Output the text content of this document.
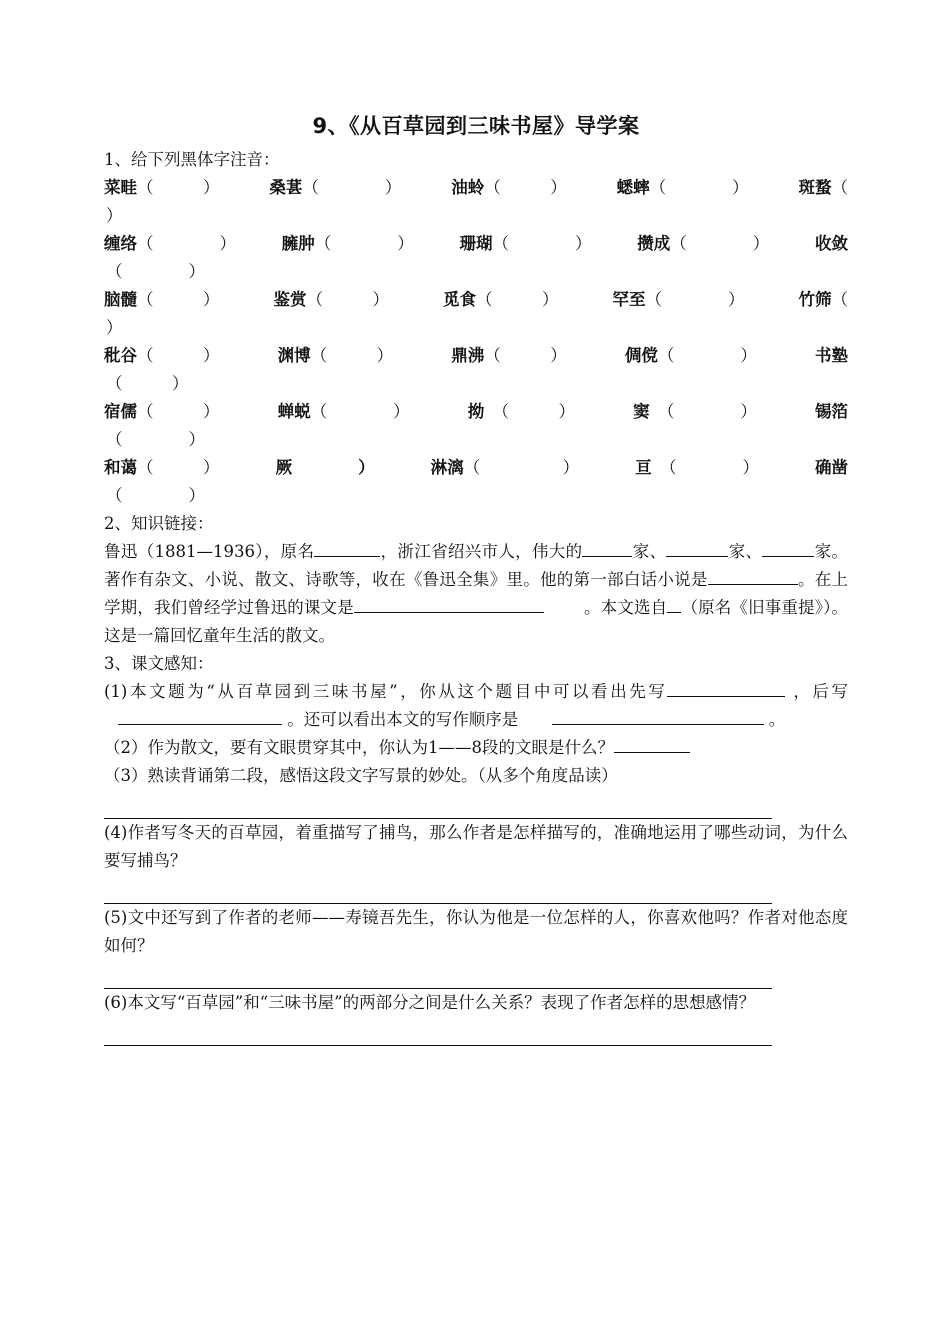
9、《从百草园到三味书屋》导学案
1、给下列黑体字注音：
菜畦（　　　）	桑葚（　　　　）	油蛉（　　　）	蟋蟀（　　　　）	斑蝥（
）
缠络（　　　　）	臃肿（　　　　）	珊瑚（　　　　）	攒成（　　　　）	收敛
（　　　　）
脑髓（　　　）	鉴赏（　　　）	觅食（　　　）	罕至（　　　　）	竹筛（
）
秕谷（　　　）	渊博（　　　）	鼎沸（　　　）	倜傥（　　　　）	书塾
（　　　）
宿儒（　　　）	蝉蜕（　　　　）	拗　（　　　）	窦　（　　　　）	锡箔
（　　　　）
和蔼（　　　）	厥　　　　）	淋漓（　　　　　）	亘　（　　　　）	确凿
（　　　　）
2、知识链接：
鲁迅（1881—1936），原名	，浙江省绍兴市人，伟大的	家、	家、	家。著作有杂文、小说、散文、诗歌等，收在《鲁迅全集》里。他的第一部白话小说是	。在上学期，我们曾经学过鲁迅的课文是	。本文选自 （原名《旧事重提》）。这是一篇回忆童年生活的散文。
3、课文感知：
(1)本文题为“从百草园到三味书屋”，你从这个题目中可以看出先写	，后写  。还可以看出本文的写作顺序是	。
（2）作为散文，要有文眼贯穿其中，你认为1——8段的文眼是什么？
（3）熟读背诵第二段，感悟这段文字写景的妙处。（从多个角度品读）
(4)作者写冬天的百草园，着重描写了捕鸟，那么作者是怎样描写的，准确地运用了哪些动词，为什么要写捕鸟？
(5)文中还写到了作者的老师——寿镜吾先生，你认为他是一位怎样的人，你喜欢他吗？作者对他态度如何？
(6)本文写“百草园”和“三味书屋”的两部分之间是什么关系？表现了作者怎样的思想感情？
